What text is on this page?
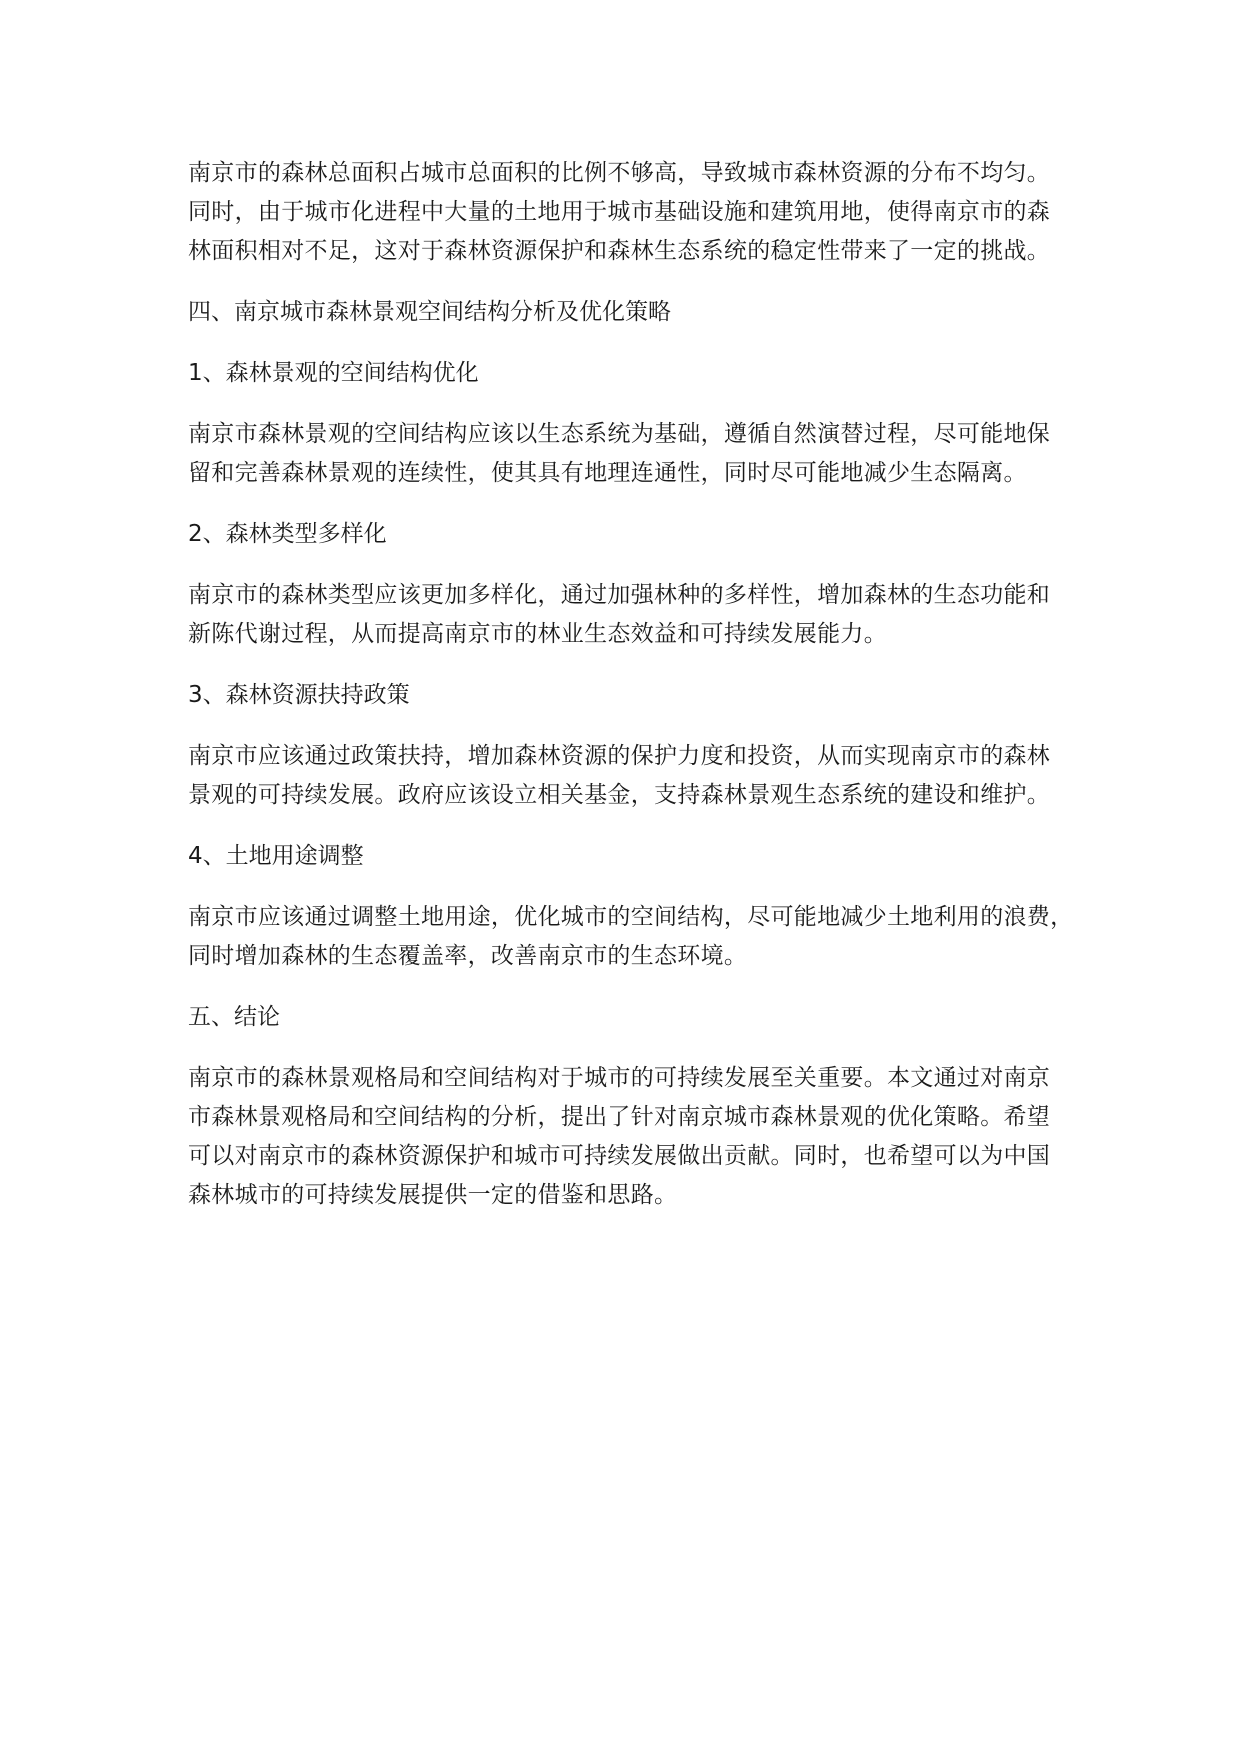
南京市的森林总面积占城市总面积的比例不够高，导致城市森林资源的分布不均匀。
同时，由于城市化进程中大量的土地用于城市基础设施和建筑用地，使得南京市的森
林面积相对不足，这对于森林资源保护和森林生态系统的稳定性带来了一定的挑战。
四、南京城市森林景观空间结构分析及优化策略
1、森林景观的空间结构优化
南京市森林景观的空间结构应该以生态系统为基础，遵循自然演替过程，尽可能地保
留和完善森林景观的连续性，使其具有地理连通性，同时尽可能地减少生态隔离。
2、森林类型多样化
南京市的森林类型应该更加多样化，通过加强林种的多样性，增加森林的生态功能和
新陈代谢过程，从而提高南京市的林业生态效益和可持续发展能力。
3、森林资源扶持政策
南京市应该通过政策扶持，增加森林资源的保护力度和投资，从而实现南京市的森林
景观的可持续发展。政府应该设立相关基金，支持森林景观生态系统的建设和维护。
4、土地用途调整
南京市应该通过调整土地用途，优化城市的空间结构，尽可能地减少土地利用的浪费，
同时增加森林的生态覆盖率，改善南京市的生态环境。
五、结论
南京市的森林景观格局和空间结构对于城市的可持续发展至关重要。本文通过对南京
市森林景观格局和空间结构的分析，提出了针对南京城市森林景观的优化策略。希望
可以对南京市的森林资源保护和城市可持续发展做出贡献。同时，也希望可以为中国
森林城市的可持续发展提供一定的借鉴和思路。
